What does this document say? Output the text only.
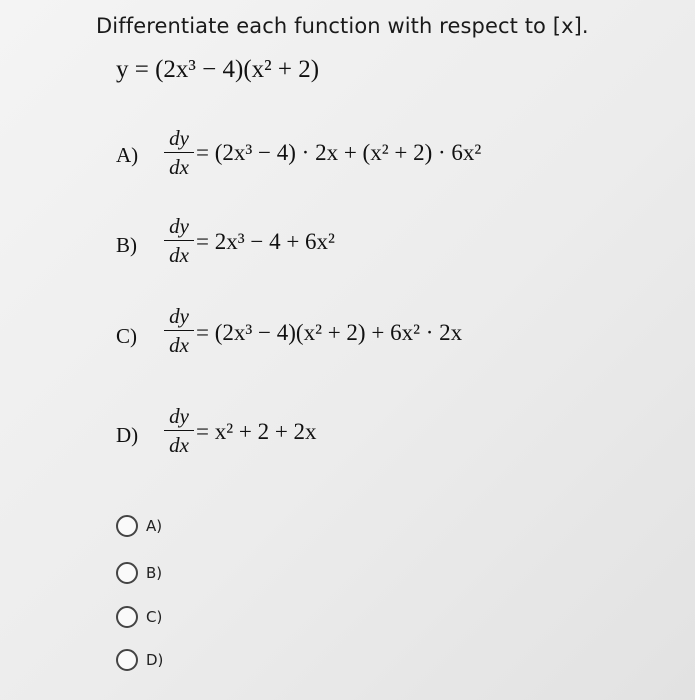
Differentiate each function with respect to [x].
y = (2x³ − 4)(x² + 2)
A)
dy
dx
= (2x³ − 4) · 2x + (x² + 2) · 6x²
B)
dy
dx
= 2x³ − 4 + 6x²
C)
dy
dx = (2x³ − 4)(x² + 2) + 6x² · 2x
D)
dy
dx
= x² + 2 + 2x
A)
B)
C)
D)
